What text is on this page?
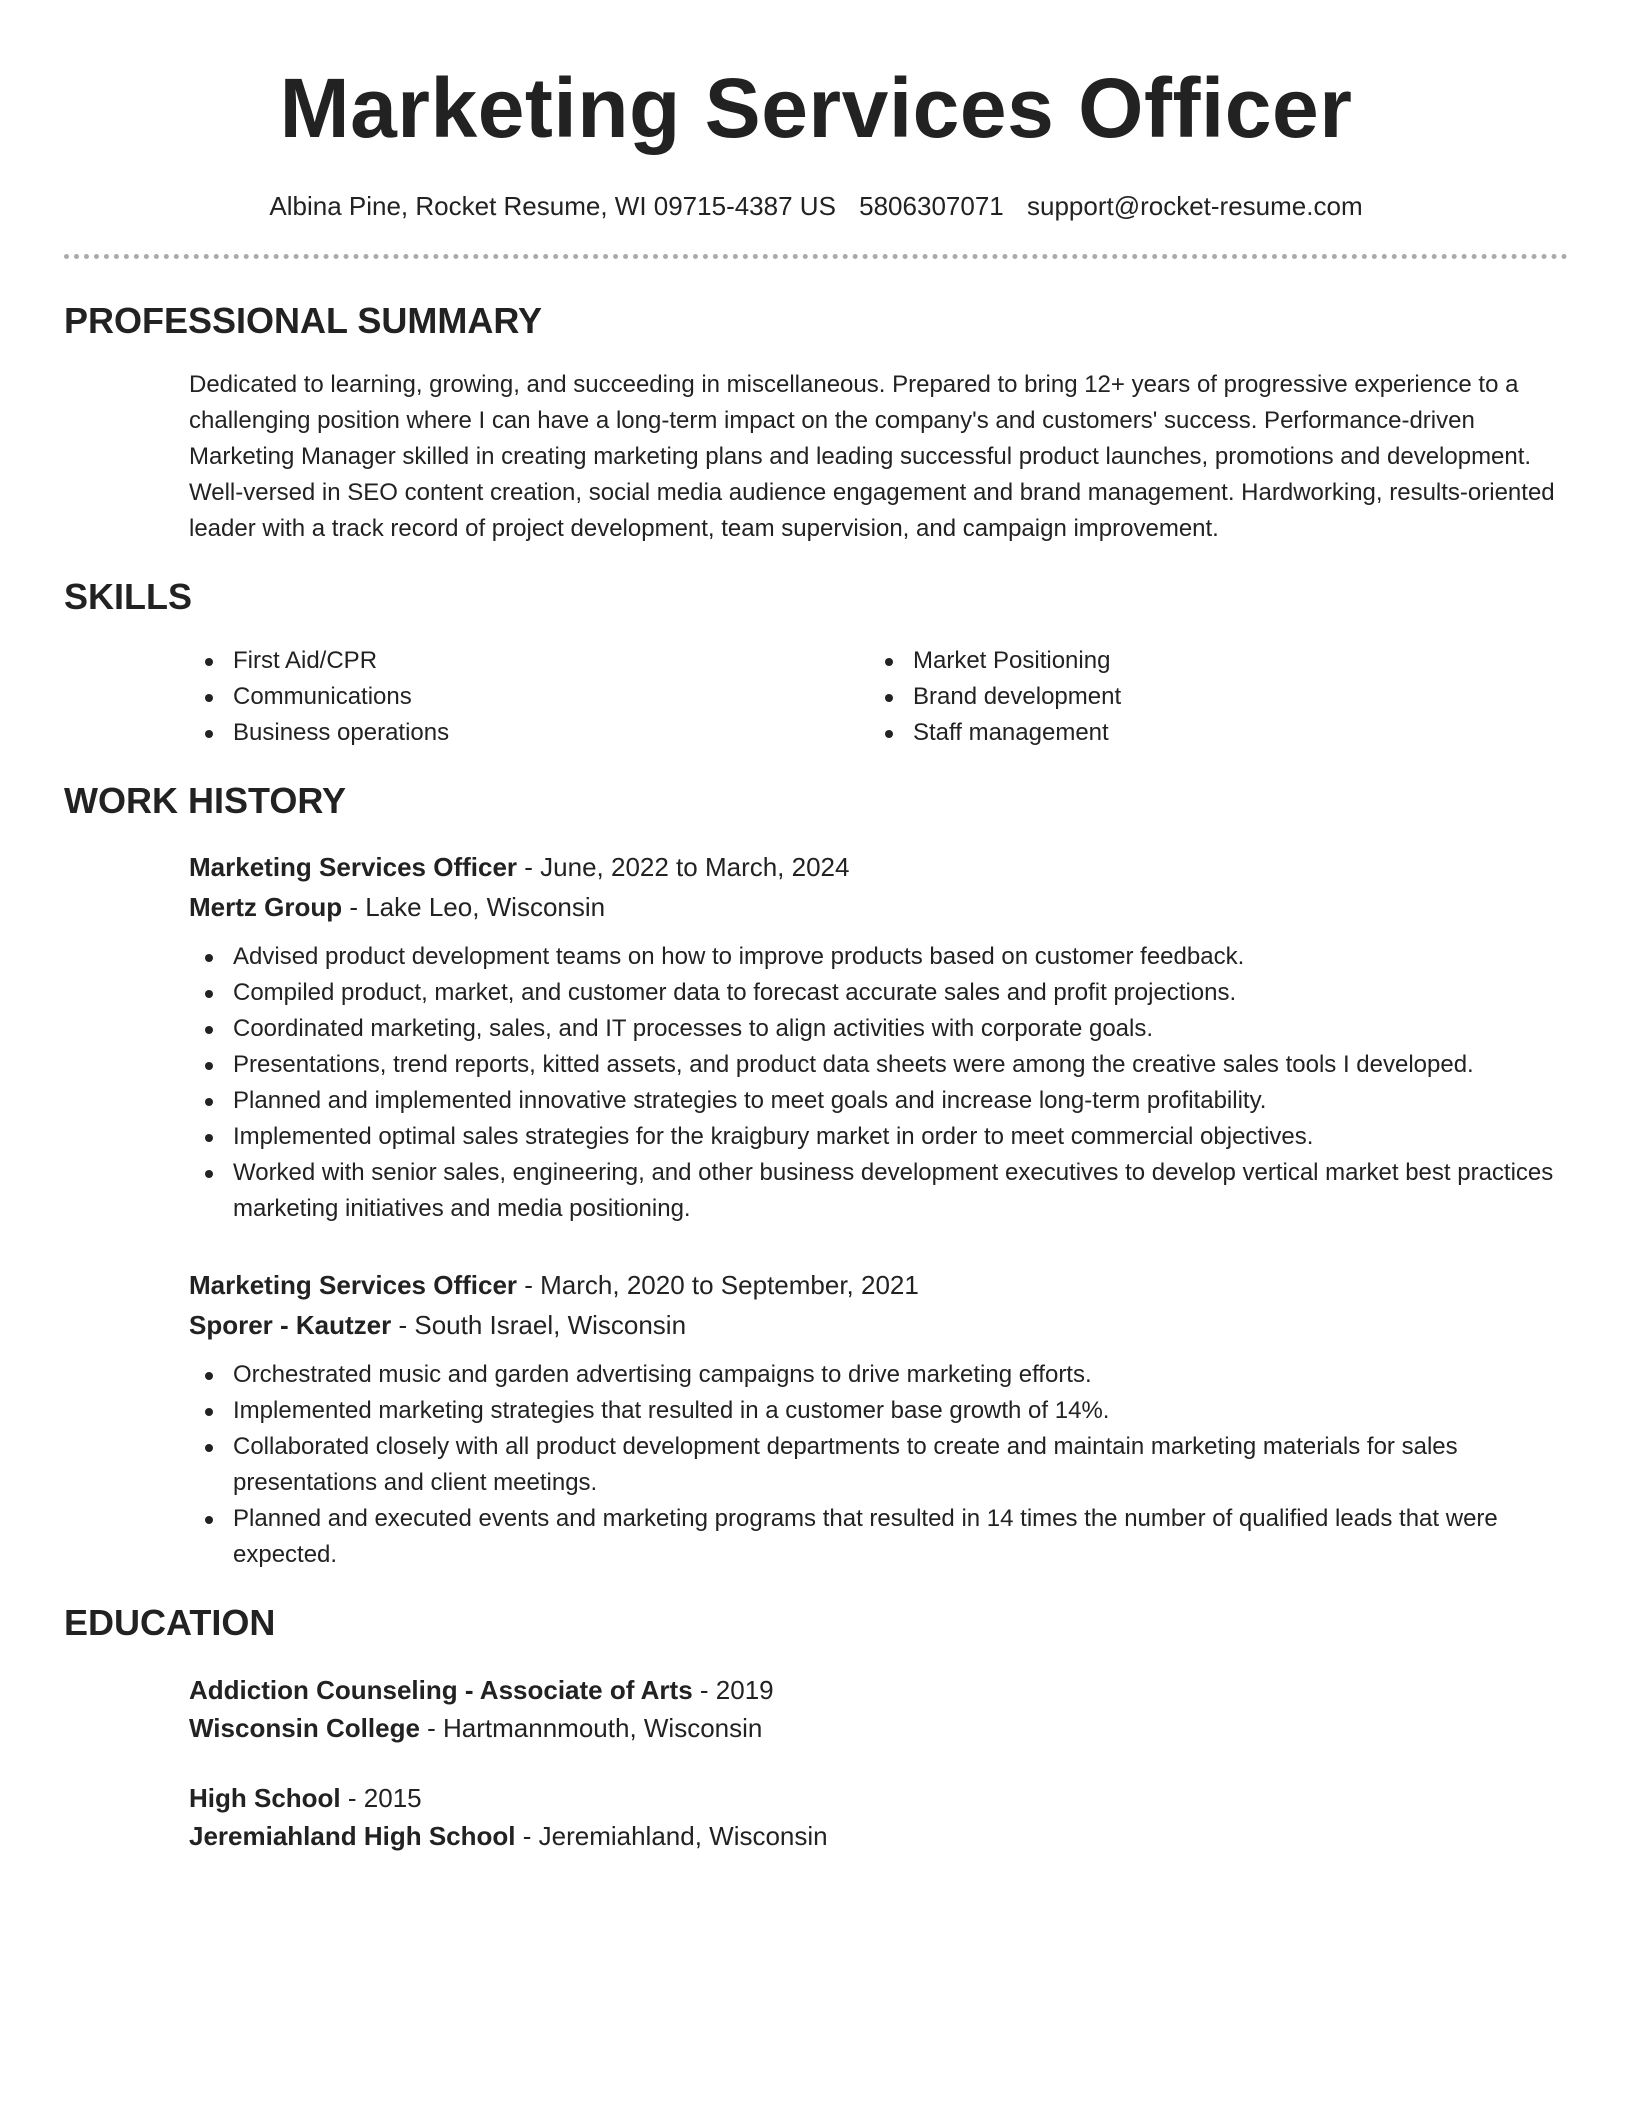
Marketing Services Officer
Albina Pine, Rocket Resume, WI 09715-4387 US 5806307071 support@rocket-resume.com
PROFESSIONAL SUMMARY

Dedicated to learning, growing, and succeeding in miscellaneous. Prepared to bring 12+ years of progressive experience to a challenging position where I can have a long-term impact on the company's and customers' success. Performance-driven Marketing Manager skilled in creating marketing plans and leading successful product launches, promotions and development. Well-versed in SEO content creation, social media audience engagement and brand management. Hardworking, results-oriented leader with a track record of project development, team supervision, and campaign improvement.

SKILLS
First Aid/CPR
Communications
Business operations
Market Positioning
Brand development
Staff management
WORK HISTORY
Marketing Services Officer - June, 2022 to March, 2024
Mertz Group - Lake Leo, Wisconsin
Advised product development teams on how to improve products based on customer feedback.
Compiled product, market, and customer data to forecast accurate sales and profit projections.
Coordinated marketing, sales, and IT processes to align activities with corporate goals.
Presentations, trend reports, kitted assets, and product data sheets were among the creative sales tools I developed.
Planned and implemented innovative strategies to meet goals and increase long-term profitability.
Implemented optimal sales strategies for the kraigbury market in order to meet commercial objectives.
Worked with senior sales, engineering, and other business development executives to develop vertical market best practices marketing initiatives and media positioning.
Marketing Services Officer - March, 2020 to September, 2021
Sporer - Kautzer - South Israel, Wisconsin
Orchestrated music and garden advertising campaigns to drive marketing efforts.
Implemented marketing strategies that resulted in a customer base growth of 14%.
Collaborated closely with all product development departments to create and maintain marketing materials for sales presentations and client meetings.
Planned and executed events and marketing programs that resulted in 14 times the number of qualified leads that were expected.
EDUCATION
Addiction Counseling - Associate of Arts - 2019
Wisconsin College - Hartmannmouth, Wisconsin
High School - 2015
Jeremiahland High School - Jeremiahland, Wisconsin
